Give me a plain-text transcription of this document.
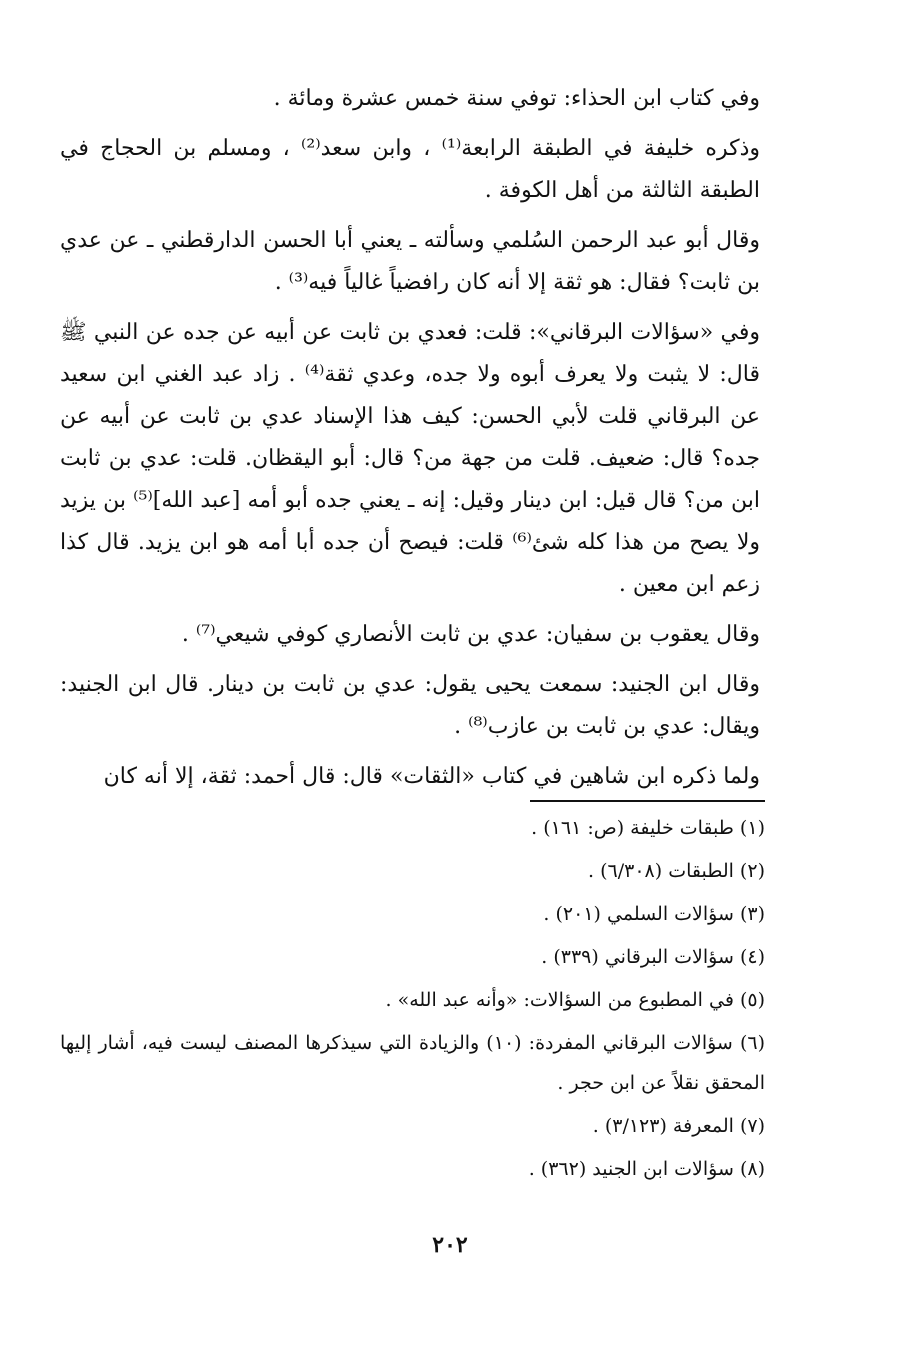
وفي كتاب ابن الحذاء: توفي سنة خمس عشرة ومائة .

وذكره خليفة في الطبقة الرابعة⁽¹⁾ ، وابن سعد⁽²⁾ ، ومسلم بن الحجاج في الطبقة الثالثة من أهل الكوفة .

وقال أبو عبد الرحمن السُلمي وسألته ـ يعني أبا الحسن الدارقطني ـ عن عدي بن ثابت؟ فقال: هو ثقة إلا أنه كان رافضياً غالياً فيه⁽³⁾ .

وفي «سؤالات البرقاني»: قلت: فعدي بن ثابت عن أبيه عن جده عن النبي ﷺ قال: لا يثبت ولا يعرف أبوه ولا جده، وعدي ثقة⁽⁴⁾ . زاد عبد الغني ابن سعيد عن البرقاني قلت لأبي الحسن: كيف هذا الإسناد عدي بن ثابت عن أبيه عن جده؟ قال: ضعيف. قلت من جهة من؟ قال: أبو اليقظان. قلت: عدي بن ثابت ابن من؟ قال قيل: ابن دينار وقيل: إنه ـ يعني جده أبو أمه [عبد الله]⁽⁵⁾ بن يزيد ولا يصح من هذا كله شئ⁽⁶⁾ قلت: فيصح أن جده أبا أمه هو ابن يزيد. قال كذا زعم ابن معين .

وقال يعقوب بن سفيان: عدي بن ثابت الأنصاري كوفي شيعي⁽⁷⁾ .

وقال ابن الجنيد: سمعت يحيى يقول: عدي بن ثابت بن دينار. قال ابن الجنيد: ويقال: عدي بن ثابت بن عازب⁽⁸⁾ .

ولما ذكره ابن شاهين في كتاب «الثقات» قال: قال أحمد: ثقة، إلا أنه كان

(١) طبقات خليفة (ص: ١٦١) .

(٢) الطبقات (٦/٣٠٨) .

(٣) سؤالات السلمي (٢٠١) .

(٤) سؤالات البرقاني (٣٣٩) .

(٥) في المطبوع من السؤالات: «وأنه عبد الله» .

(٦) سؤالات البرقاني المفردة: (١٠) والزيادة التي سيذكرها المصنف ليست فيه، أشار إليها المحقق نقلاً عن ابن حجر .

(٧) المعرفة (٣/١٢٣) .

(٨) سؤالات ابن الجنيد (٣٦٢) .

٢٠٢
